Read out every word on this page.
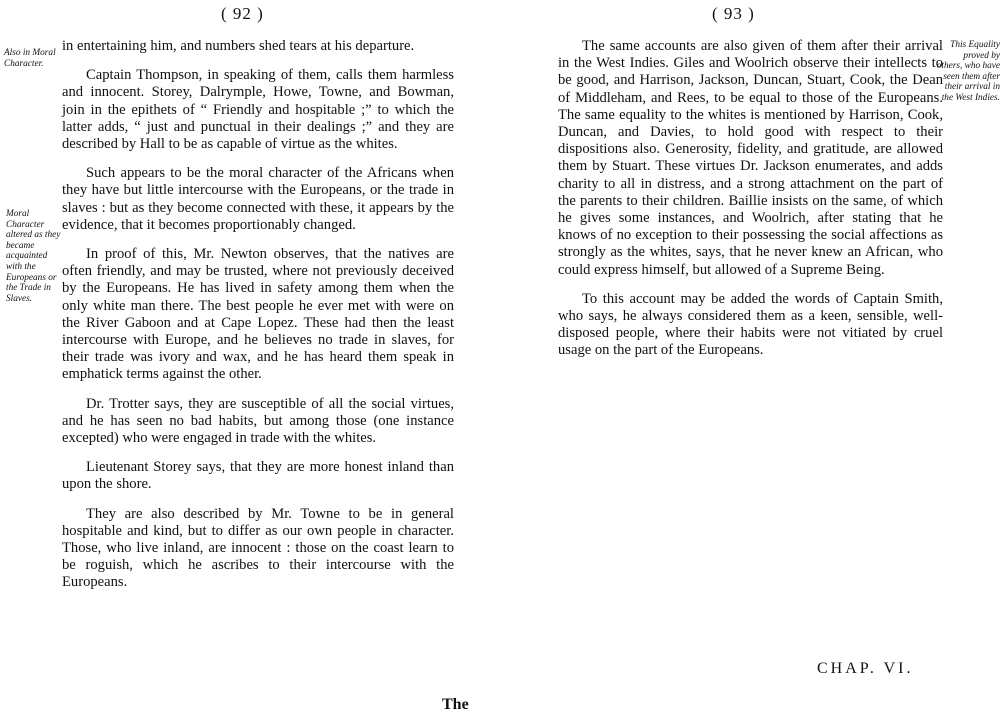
( 92 )
Also in Moral Character.
Moral Character altered as they became acquainted with the Europeans or the Trade in Slaves.

in entertaining him, and numbers shed tears at his departure.

Captain Thompson, in speaking of them, calls them harmless and innocent. Storey, Dalrymple, Howe, Towne, and Bowman, join in the epithets of “ Friendly and hospitable ;” to which the latter adds, “ just and punctual in their dealings ;” and they are described by Hall to be as capable of virtue as the whites.

Such appears to be the moral character of the Africans when they have but little intercourse with the Europeans, or the trade in slaves : but as they become connected with these, it appears by the evidence, that it becomes proportionably changed.

In proof of this, Mr. Newton observes, that the natives are often friendly, and may be trusted, where not previously deceived by the Europeans. He has lived in safety among them when the only white man there. The best people he ever met with were on the River Gaboon and at Cape Lopez. These had then the least intercourse with Europe, and he believes no trade in slaves, for their trade was ivory and wax, and he has heard them speak in emphatick terms against the other.

Dr. Trotter says, they are susceptible of all the social virtues, and he has seen no bad habits, but among those (one instance excepted) who were engaged in trade with the whites.

Lieutenant Storey says, that they are more honest inland than upon the shore.

They are also described by Mr. Towne to be in general hospitable and kind, but to differ as our own people in character. Those, who live inland, are innocent : those on the coast learn to be roguish, which he ascribes to their intercourse with the Europeans.

The
( 93 )

The same accounts are also given of them after their arrival in the West Indies. Giles and Woolrich observe their intellects to be good, and Harrison, Jackson, Duncan, Stuart, Cook, the Dean of Middleham, and Rees, to be equal to those of the Europeans. The same equality to the whites is mentioned by Harrison, Cook, Duncan, and Davies, to hold good with respect to their dispositions also. Generosity, fidelity, and gratitude, are allowed them by Stuart. These virtues Dr. Jackson enumerates, and adds charity to all in distress, and a strong attachment on the part of the parents to their children. Baillie insists on the same, of which he gives some instances, and Woolrich, after stating that he knows of no exception to their possessing the social affections as strongly as the whites, says, that he never knew an African, who could express himself, but allowed of a Supreme Being.

To this account may be added the words of Captain Smith, who says, he always considered them as a keen, sensible, well-disposed people, where their habits were not vitiated by cruel usage on the part of the Europeans.

This Equality proved by others, who have seen them after their arrival in the West Indies.
CHAP. VI.
